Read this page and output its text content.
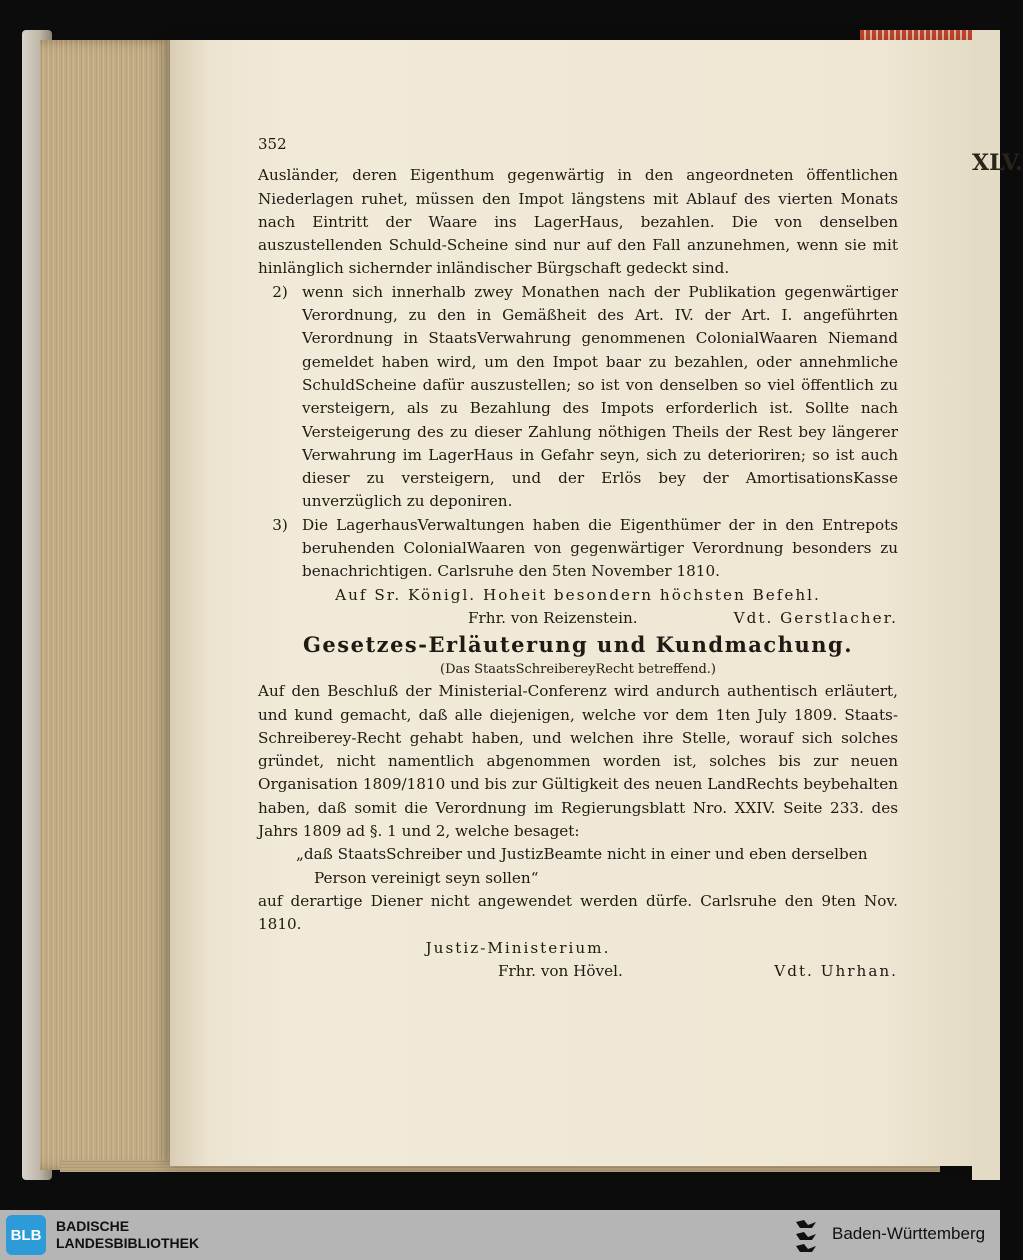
XLV.
352
Ausländer, deren Eigenthum gegenwärtig in den angeordneten öffentlichen Niederlagen ruhet, müssen den Impot längstens mit Ablauf des vierten Monats nach Eintritt der Waare ins LagerHaus, bezahlen. Die von denselben auszustellenden Schuld-Scheine sind nur auf den Fall anzunehmen, wenn sie mit hinlänglich sichernder inländischer Bürgschaft gedeckt sind.
2) wenn sich innerhalb zwey Monathen nach der Publikation gegenwärtiger Verordnung, zu den in Gemäßheit des Art. IV. der Art. I. angeführten Verordnung in StaatsVerwahrung genommenen ColonialWaaren Niemand gemeldet haben wird, um den Impot baar zu bezahlen, oder annehmliche SchuldScheine dafür auszustellen; so ist von denselben so viel öffentlich zu versteigern, als zu Bezahlung des Impots erforderlich ist. Sollte nach Versteigerung des zu dieser Zahlung nöthigen Theils der Rest bey längerer Verwahrung im LagerHaus in Gefahr seyn, sich zu deterioriren; so ist auch dieser zu versteigern, und der Erlös bey der AmortisationsKasse unverzüglich zu deponiren.
3) Die LagerhausVerwaltungen haben die Eigenthümer der in den Entrepots beruhenden ColonialWaaren von gegenwärtiger Verordnung besonders zu benachrichtigen. Carlsruhe den 5ten November 1810.
Auf Sr. Königl. Hoheit besondern höchsten Befehl.
Frhr. von Reizenstein.	Vdt. Gerstlacher.
Gesetzes-Erläuterung und Kundmachung.
(Das StaatsSchreibereyRecht betreffend.)
Auf den Beschluß der Ministerial-Conferenz wird andurch authentisch erläutert, und kund gemacht, daß alle diejenigen, welche vor dem 1ten July 1809. Staats-Schreiberey-Recht gehabt haben, und welchen ihre Stelle, worauf sich solches gründet, nicht namentlich abgenommen worden ist, solches bis zur neuen Organisation 1809/1810 und bis zur Gültigkeit des neuen LandRechts beybehalten haben, daß somit die Verordnung im Regierungsblatt Nro. XXIV. Seite 233. des Jahrs 1809 ad §. 1 und 2, welche besaget:
„daß StaatsSchreiber und JustizBeamte nicht in einer und eben derselben
Person vereinigt seyn sollen“
auf derartige Diener nicht angewendet werden dürfe. Carlsruhe den 9ten Nov. 1810.
Justiz-Ministerium.
Frhr. von Hövel.	Vdt. Uhrhan.
BLB
BADISCHE
LANDESBIBLIOTHEK	Baden-Württemberg
